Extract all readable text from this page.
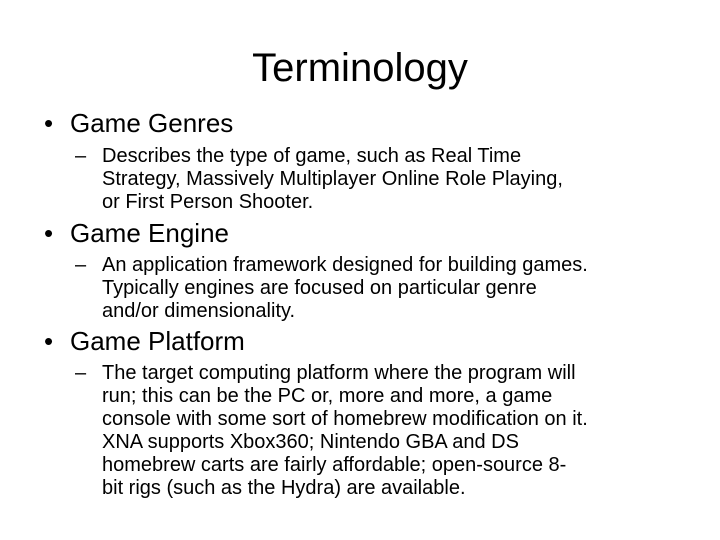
Terminology
• Game Genres
– Describes the type of game, such as Real Time
Strategy, Massively Multiplayer Online Role Playing,
or First Person Shooter.
• Game Engine
– An application framework designed for building games.
Typically engines are focused on particular genre
and/or dimensionality.
• Game Platform
– The target computing platform where the program will
run; this can be the PC or, more and more, a game
console with some sort of homebrew modification on it.
XNA supports Xbox360; Nintendo GBA and DS
homebrew carts are fairly affordable; open-source 8-
bit rigs (such as the Hydra) are available.
